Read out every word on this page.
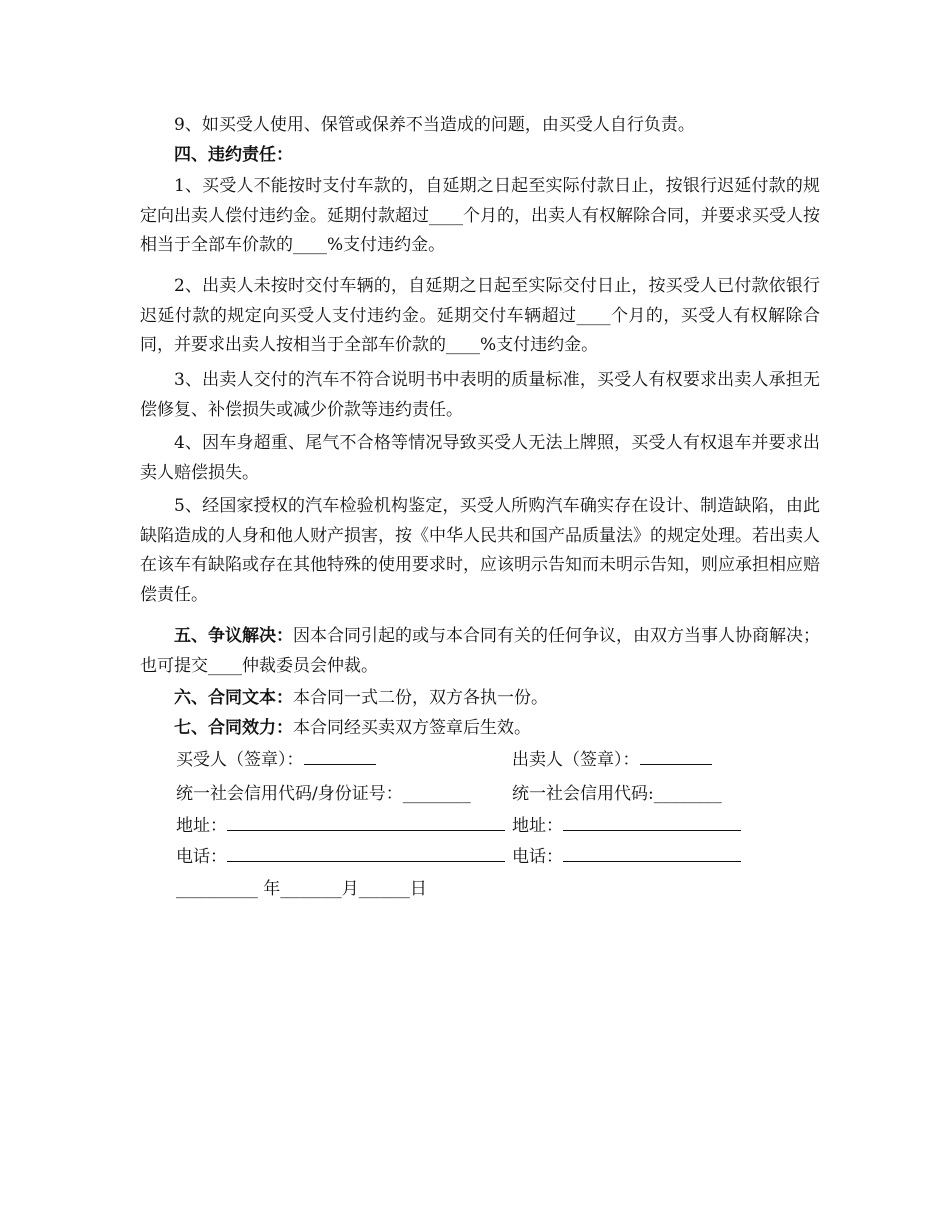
9、如买受人使用、保管或保养不当造成的问题，由买受人自行负责。

四、违约责任：

1、买受人不能按时支付车款的，自延期之日起至实际付款日止，按银行迟延付款的规定向出卖人偿付违约金。延期付款超过____个月的，出卖人有权解除合同，并要求买受人按相当于全部车价款的____%支付违约金。

2、出卖人未按时交付车辆的，自延期之日起至实际交付日止，按买受人已付款依银行迟延付款的规定向买受人支付违约金。延期交付车辆超过____个月的，买受人有权解除合同，并要求出卖人按相当于全部车价款的____%支付违约金。

3、出卖人交付的汽车不符合说明书中表明的质量标准，买受人有权要求出卖人承担无偿修复、补偿损失或减少价款等违约责任。

4、因车身超重、尾气不合格等情况导致买受人无法上牌照，买受人有权退车并要求出卖人赔偿损失。

5、经国家授权的汽车检验机构鉴定，买受人所购汽车确实存在设计、制造缺陷，由此缺陷造成的人身和他人财产损害，按《中华人民共和国产品质量法》的规定处理。若出卖人在该车有缺陷或存在其他特殊的使用要求时，应该明示告知而未明示告知，则应承担相应赔偿责任。

五、争议解决：因本合同引起的或与本合同有关的任何争议，由双方当事人协商解决；也可提交____仲裁委员会仲裁。

六、合同文本：本合同一式二份，双方各执一份。

七、合同效力：本合同经买卖双方签章后生效。

买受人（签章）：	出卖人（签章）：
统一社会信用代码/身份证号：________ 统一社会信用代码:________
地址：	地址：
电话：	电话：
________ 年______月_____日
